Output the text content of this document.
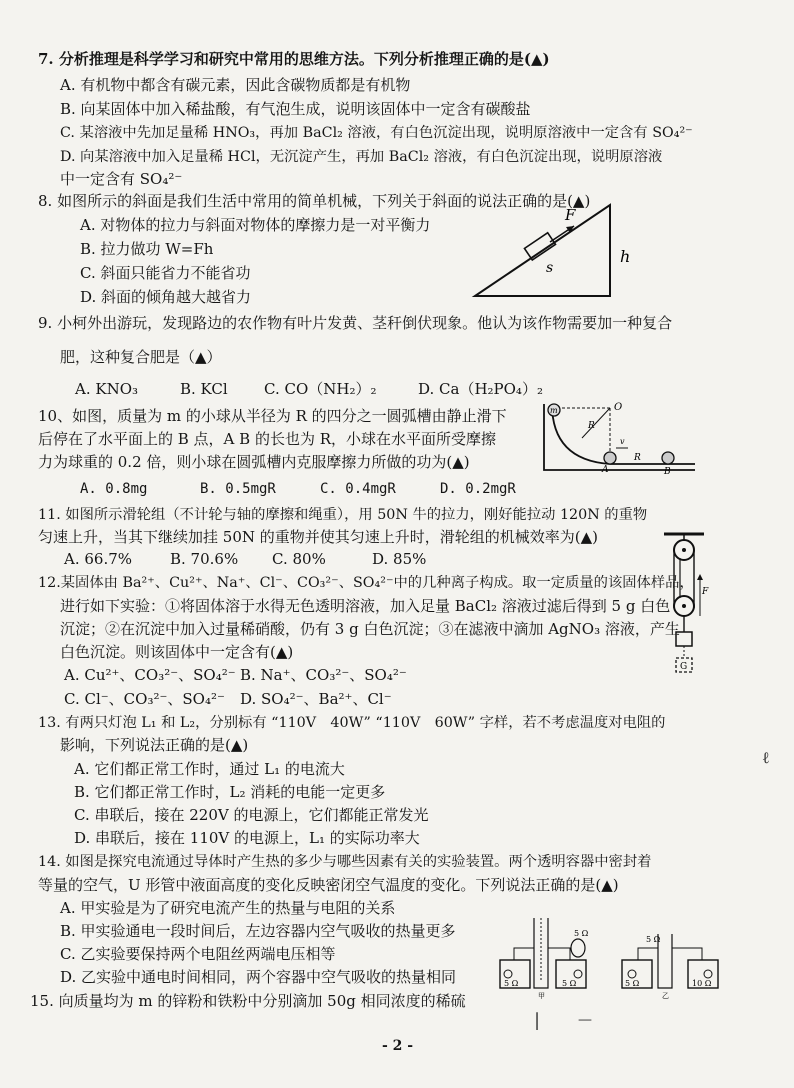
7. 分析推理是科学学习和研究中常用的思维方法。下列分析推理正确的是(▲)
A. 有机物中都含有碳元素，因此含碳物质都是有机物
B. 向某固体中加入稀盐酸，有气泡生成，说明该固体中一定含有碳酸盐
C. 某溶液中先加足量稀 HNO₃，再加 BaCl₂ 溶液，有白色沉淀出现，说明原溶液中一定含有 SO₄²⁻
D. 向某溶液中加入足量稀 HCl，无沉淀产生，再加 BaCl₂ 溶液，有白色沉淀出现，说明原溶液
中一定含有 SO₄²⁻
8. 如图所示的斜面是我们生活中常用的简单机械，下列关于斜面的说法正确的是(▲)
A. 对物体的拉力与斜面对物体的摩擦力是一对平衡力
B. 拉力做功 W=Fh
C. 斜面只能省力不能省功
D. 斜面的倾角越大越省力
F
s
h
9. 小柯外出游玩，发现路边的农作物有叶片发黄、茎秆倒伏现象。他认为该作物需要加一种复合
肥，这种复合肥是（▲）
A. KNO₃	B. KCl C. CO（NH₂）₂	D. Ca（H₂PO₄）₂
10、如图，质量为 m 的小球从半径为 R 的四分之一圆弧槽由静止滑下
后停在了水平面上的 B 点，A B 的长也为 R，小球在水平面所受摩擦
力为球重的 0.2 倍，则小球在圆弧槽内克服摩擦力所做的功为(▲)
A. 0.8mg	B. 0.5mgR	C. 0.4mgR	D. 0.2mgR
m	O
R
A
v
R
B
11. 如图所示滑轮组（不计轮与轴的摩擦和绳重），用 50N 牛的拉力，刚好能拉动 120N 的重物
匀速上升，当其下继续加挂 50N 的重物并使其匀速上升时，滑轮组的机械效率为(▲)
A. 66.7%	B. 70.6% C. 80%	D. 85%
F
G
12.某固体由 Ba²⁺、Cu²⁺、Na⁺、Cl⁻、CO₃²⁻、SO₄²⁻中的几种离子构成。取一定质量的该固体样品，
进行如下实验：①将固体溶于水得无色透明溶液，加入足量 BaCl₂ 溶液过滤后得到 5 g 白色
沉淀；②在沉淀中加入过量稀硝酸，仍有 3 g 白色沉淀；③在滤液中滴加 AgNO₃ 溶液，产生
白色沉淀。则该固体中一定含有(▲)
A. Cu²⁺、CO₃²⁻、SO₄²⁻ B. Na⁺、CO₃²⁻、SO₄²⁻
C. Cl⁻、CO₃²⁻、SO₄²⁻ D. SO₄²⁻、Ba²⁺、Cl⁻
13. 有两只灯泡 L₁ 和 L₂，分别标有 “110V　40W” “110V　60W” 字样，若不考虑温度对电阻的
影响，下列说法正确的是(▲)
A. 它们都正常工作时，通过 L₁ 的电流大
B. 它们都正常工作时，L₂ 消耗的电能一定更多
C. 串联后，接在 220V 的电源上，它们都能正常发光
D. 串联后，接在 110V 的电源上，L₁ 的实际功率大
14. 如图是探究电流通过导体时产生热的多少与哪些因素有关的实验装置。两个透明容器中密封着
等量的空气，U 形管中液面高度的变化反映密闭空气温度的变化。下列说法正确的是(▲)
A. 甲实验是为了研究电流产生的热量与电阻的关系
B. 甲实验通电一段时间后，左边容器内空气吸收的热量更多
C. 乙实验要保持两个电阻丝两端电压相等
D. 乙实验中通电时间相同，两个容器中空气吸收的热量相同	5 Ω	5 Ω
5 Ω
甲
5 Ω	10 Ω
5 Ω
乙
15. 向质量均为 m 的锌粉和铁粉中分别滴加 50g 相同浓度的稀硫
- 2 -
|	—
ℓ
